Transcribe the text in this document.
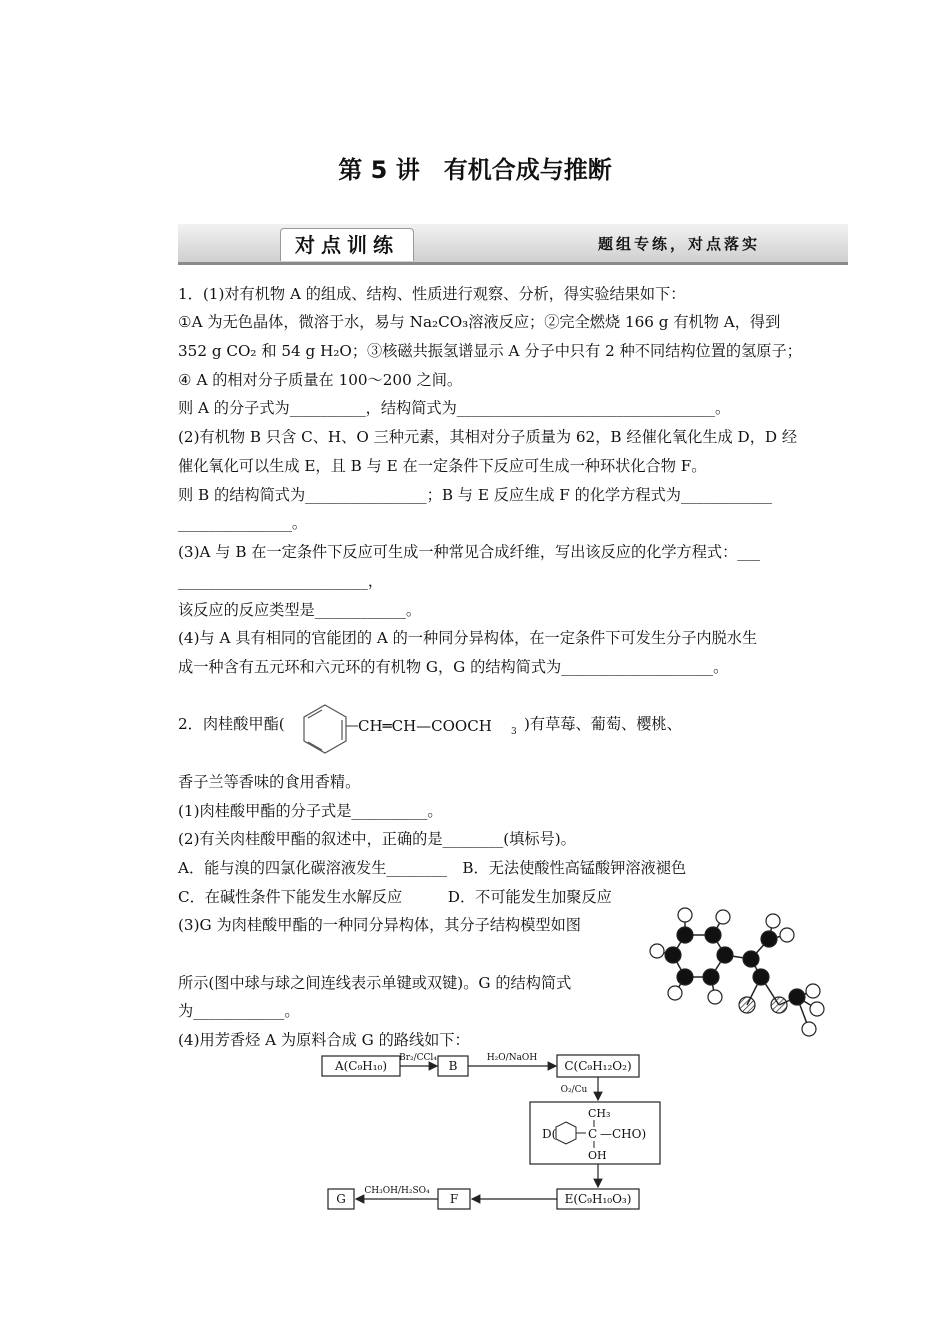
第 5 讲　有机合成与推断
对点训练	题组专练，对点落实
1．(1)对有机物 A 的组成、结构、性质进行观察、分析，得实验结果如下：
①A 为无色晶体，微溶于水，易与 Na₂CO₃溶液反应；②完全燃烧 166 g 有机物 A，得到
352 g CO₂ 和 54 g H₂O；③核磁共振氢谱显示 A 分子中只有 2 种不同结构位置的氢原子；
④ A 的相对分子质量在 100～200 之间。
则 A 的分子式为__________，结构简式为__________________________________。
(2)有机物 B 只含 C、H、O 三种元素，其相对分子质量为 62，B 经催化氧化生成 D，D 经
催化氧化可以生成 E，且 B 与 E 在一定条件下反应可生成一种环状化合物 F。
则 B 的结构简式为________________；B 与 E 反应生成 F 的化学方程式为____________
_______________。
(3)A 与 B 在一定条件下反应可生成一种常见合成纤维，写出该反应的化学方程式：___
_________________________，
该反应的反应类型是____________。
(4)与 A 具有相同的官能团的 A 的一种同分异构体，在一定条件下可发生分子内脱水生
成一种含有五元环和六元环的有机物 G，G 的结构简式为____________________。
2．肉桂酸甲酯(	CH═CH—COOCH 3 )有草莓、葡萄、樱桃、
香子兰等香味的食用香精。
(1)肉桂酸甲酯的分子式是__________。
(2)有关肉桂酸甲酯的叙述中，正确的是________(填标号)。
A．能与溴的四氯化碳溶液发生________　B．无法使酸性高锰酸钾溶液褪色
C．在碱性条件下能发生水解反应　　　D．不可能发生加聚反应
(3)G 为肉桂酸甲酯的一种同分异构体，其分子结构模型如图
所示(图中球与球之间连线表示单键或双键)。G 的结构简式
为____________。
(4)用芳香烃 A 为原料合成 G 的路线如下：
A(C₉H₁₀)
Br₂/CCl₄
B
H₂O/NaOH
C(C₉H₁₂O₂)
O₂/Cu
D(
CH₃
C —CHO)
OH
E(C₉H₁₀O₃)
F
CH₃OH/H₂SO₄
G
